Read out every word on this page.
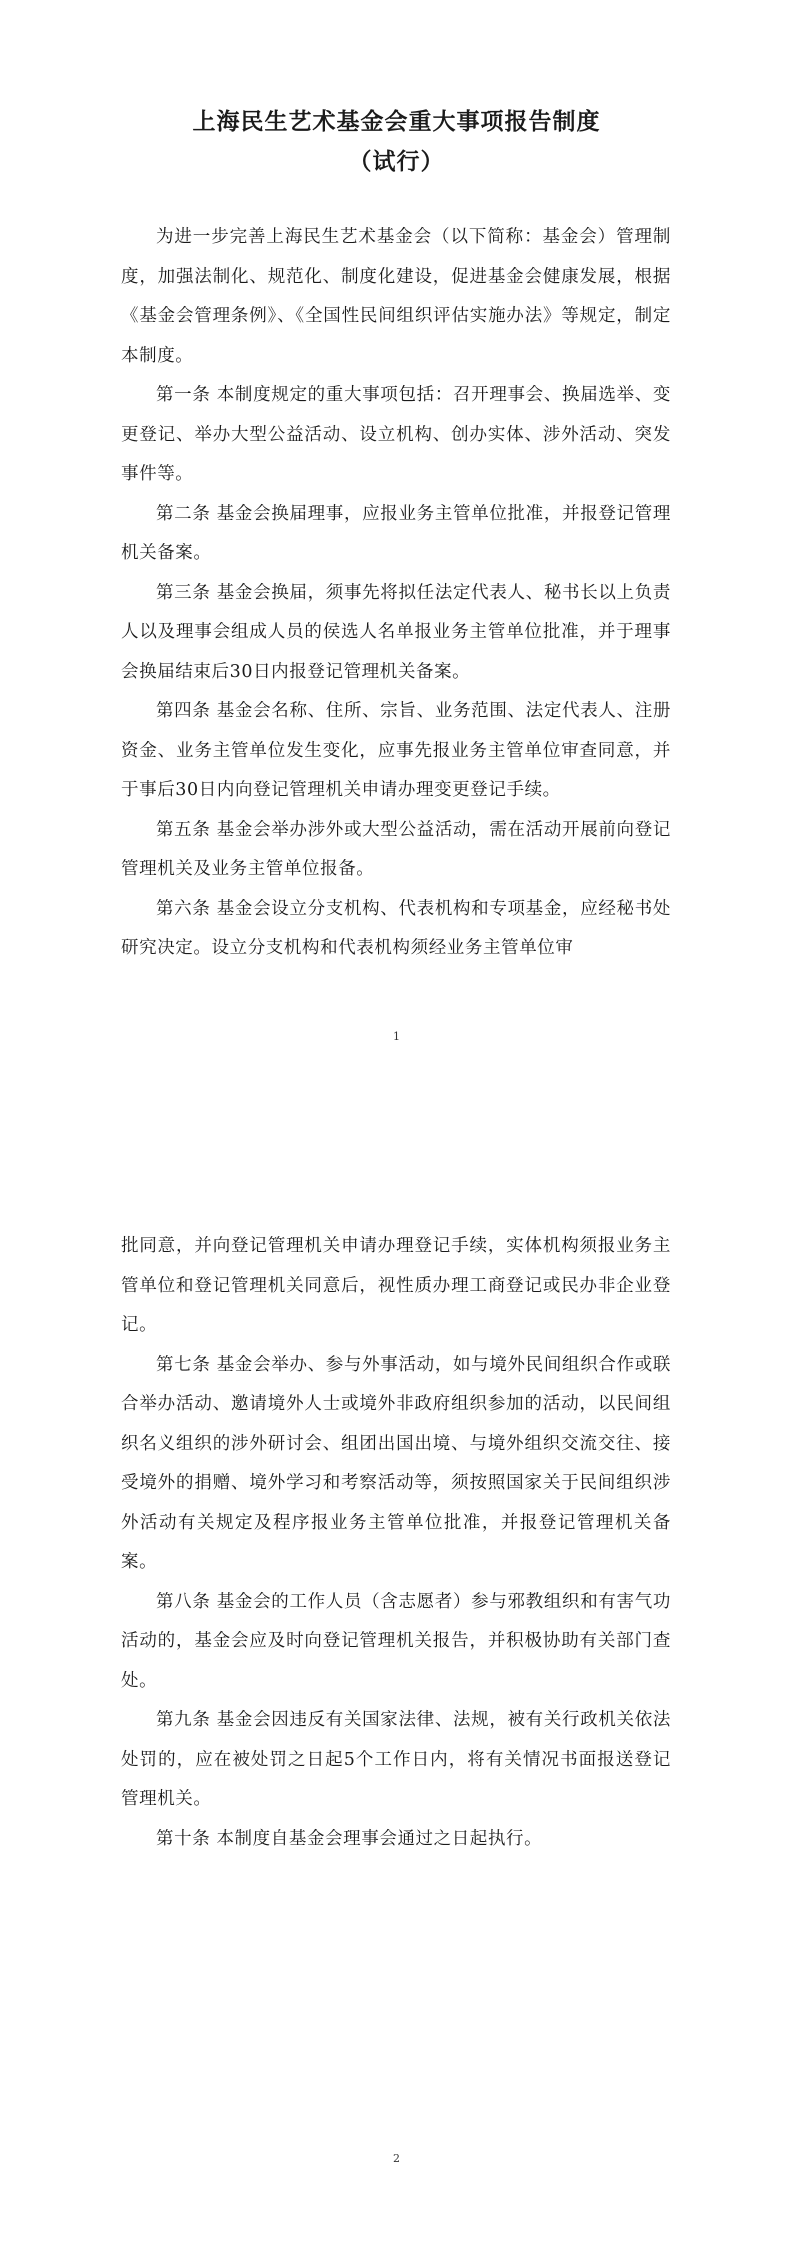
上海民生艺术基金会重大事项报告制度
（试行）

为进一步完善上海民生艺术基金会（以下简称：基金会）管理制度，加强法制化、规范化、制度化建设，促进基金会健康发展，根据《基金会管理条例》、《全国性民间组织评估实施办法》等规定，制定本制度。

第一条 本制度规定的重大事项包括：召开理事会、换届选举、变更登记、举办大型公益活动、设立机构、创办实体、涉外活动、突发事件等。

第二条 基金会换届理事，应报业务主管单位批准，并报登记管理机关备案。

第三条 基金会换届，须事先将拟任法定代表人、秘书长以上负责人以及理事会组成人员的侯选人名单报业务主管单位批准，并于理事会换届结束后30日内报登记管理机关备案。

第四条 基金会名称、住所、宗旨、业务范围、法定代表人、注册资金、业务主管单位发生变化，应事先报业务主管单位审查同意，并于事后30日内向登记管理机关申请办理变更登记手续。

第五条 基金会举办涉外或大型公益活动，需在活动开展前向登记管理机关及业务主管单位报备。

第六条 基金会设立分支机构、代表机构和专项基金，应经秘书处研究决定。设立分支机构和代表机构须经业务主管单位审

1

批同意，并向登记管理机关申请办理登记手续，实体机构须报业务主管单位和登记管理机关同意后，视性质办理工商登记或民办非企业登记。

第七条 基金会举办、参与外事活动，如与境外民间组织合作或联合举办活动、邀请境外人士或境外非政府组织参加的活动，以民间组织名义组织的涉外研讨会、组团出国出境、与境外组织交流交往、接受境外的捐赠、境外学习和考察活动等，须按照国家关于民间组织涉外活动有关规定及程序报业务主管单位批准，并报登记管理机关备案。

第八条 基金会的工作人员（含志愿者）参与邪教组织和有害气功活动的，基金会应及时向登记管理机关报告，并积极协助有关部门查处。

第九条 基金会因违反有关国家法律、法规，被有关行政机关依法处罚的，应在被处罚之日起5个工作日内，将有关情况书面报送登记管理机关。

第十条 本制度自基金会理事会通过之日起执行。

2
